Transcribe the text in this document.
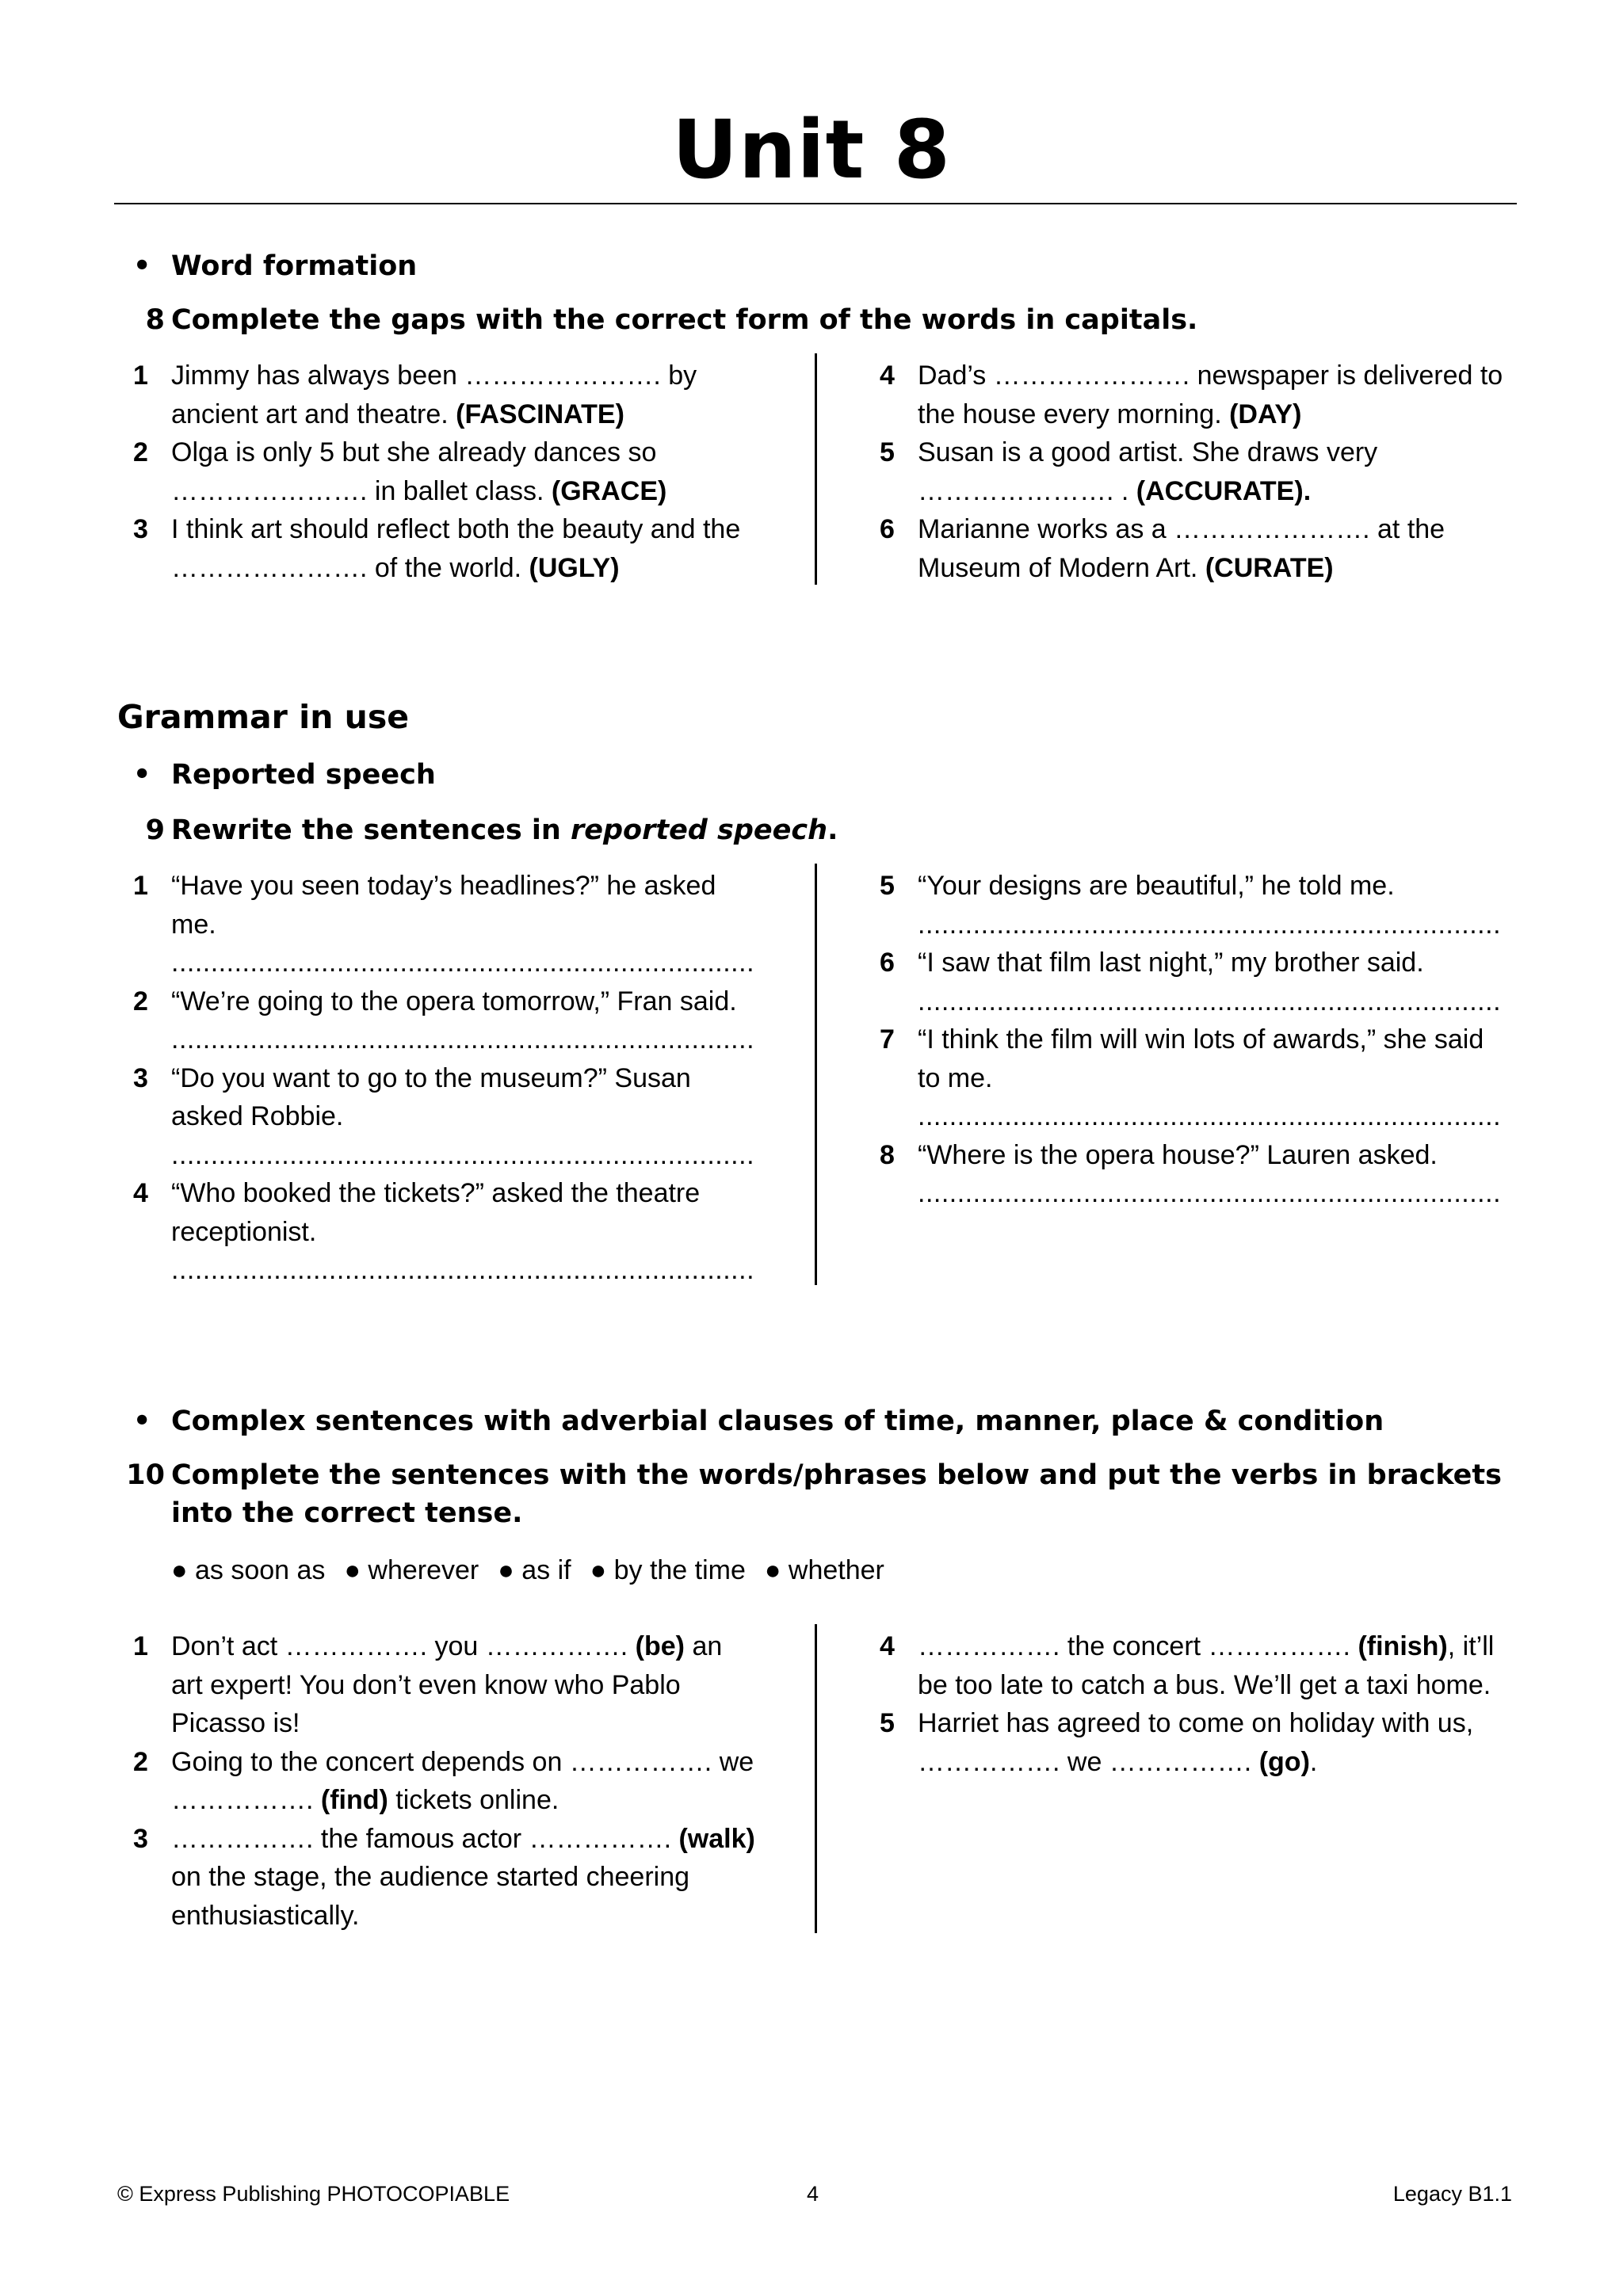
Unit 8
• Word formation
8 Complete the gaps with the correct form of the words in capitals.
1 Jimmy has always been …………………. by ancient art and theatre. (FASCINATE)
2 Olga is only 5 but she already dances so …………………. in ballet class. (GRACE)
3 I think art should reflect both the beauty and the …………………. of the world. (UGLY)
4 Dad’s …………………. newspaper is delivered to the house every morning. (DAY)
5 Susan is a good artist. She draws very …………………. . (ACCURATE).
6 Marianne works as a …………………. at the Museum of Modern Art. (CURATE)
Grammar in use
• Reported speech
9 Rewrite the sentences in reported speech.
1 “Have you seen today’s headlines?” he asked me.
..........................................................................
2 “We’re going to the opera tomorrow,” Fran said.
..........................................................................
3 “Do you want to go to the museum?” Susan asked Robbie.
..........................................................................
4 “Who booked the tickets?” asked the theatre receptionist.
..........................................................................
5 “Your designs are beautiful,” he told me.
..........................................................................
6 “I saw that film last night,” my brother said.
..........................................................................
7 “I think the film will win lots of awards,” she said to me.
..........................................................................
8 “Where is the opera house?” Lauren asked.
..........................................................................
• Complex sentences with adverbial clauses of time, manner, place & condition
10 Complete the sentences with the words/phrases below and put the verbs in brackets into the correct tense.
● as soon as ● wherever ● as if ● by the time ● whether
1 Don’t act ……………. you ……………. (be) an art expert! You don’t even know who Pablo Picasso is!
2 Going to the concert depends on ……………. we ……………. (find) tickets online.
3 ……………. the famous actor ……………. (walk) on the stage, the audience started cheering enthusiastically.
4 ……………. the concert ……………. (finish), it’ll be too late to catch a bus. We’ll get a taxi home.
5 Harriet has agreed to come on holiday with us, ……………. we ……………. (go).
© Express Publishing PHOTOCOPIABLE	4	Legacy B1.1
